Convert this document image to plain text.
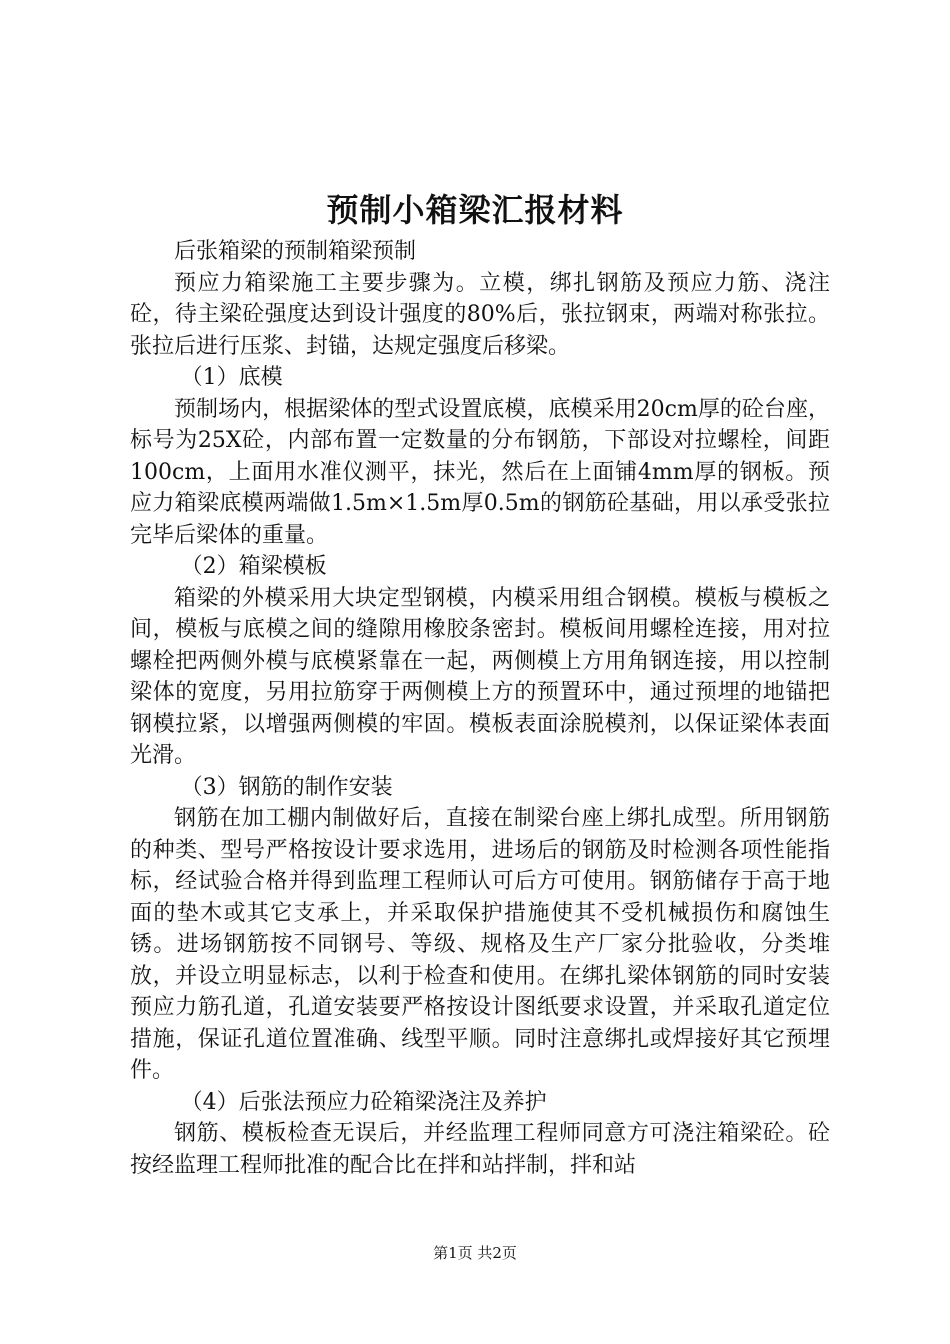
预制小箱梁汇报材料

后张箱梁的预制箱梁预制

预应力箱梁施工主要步骤为。立模，绑扎钢筋及预应力筋、浇注砼，待主梁砼强度达到设计强度的80%后，张拉钢束，两端对称张拉。张拉后进行压浆、封锚，达规定强度后移梁。

（1）底模

预制场内，根据梁体的型式设置底模，底模采用20cm厚的砼台座，标号为25X砼，内部布置一定数量的分布钢筋，下部设对拉螺栓，间距100cm，上面用水准仪测平，抹光，然后在上面铺4mm厚的钢板。预应力箱梁底模两端做1.5m×1.5m厚0.5m的钢筋砼基础，用以承受张拉完毕后梁体的重量。

（2）箱梁模板

箱梁的外模采用大块定型钢模，内模采用组合钢模。模板与模板之间，模板与底模之间的缝隙用橡胶条密封。模板间用螺栓连接，用对拉螺栓把两侧外模与底模紧靠在一起，两侧模上方用角钢连接，用以控制梁体的宽度，另用拉筋穿于两侧模上方的预置环中，通过预埋的地锚把钢模拉紧，以增强两侧模的牢固。模板表面涂脱模剂，以保证梁体表面光滑。

（3）钢筋的制作安装

钢筋在加工棚内制做好后，直接在制梁台座上绑扎成型。所用钢筋的种类、型号严格按设计要求选用，进场后的钢筋及时检测各项性能指标，经试验合格并得到监理工程师认可后方可使用。钢筋储存于高于地面的垫木或其它支承上，并采取保护措施使其不受机械损伤和腐蚀生锈。进场钢筋按不同钢号、等级、规格及生产厂家分批验收，分类堆放，并设立明显标志，以利于检查和使用。在绑扎梁体钢筋的同时安装预应力筋孔道，孔道安装要严格按设计图纸要求设置，并采取孔道定位措施，保证孔道位置准确、线型平顺。同时注意绑扎或焊接好其它预埋件。

（4）后张法预应力砼箱梁浇注及养护

钢筋、模板检查无误后，并经监理工程师同意方可浇注箱梁砼。砼按经监理工程师批准的配合比在拌和站拌制，拌和站

第1页 共2页
